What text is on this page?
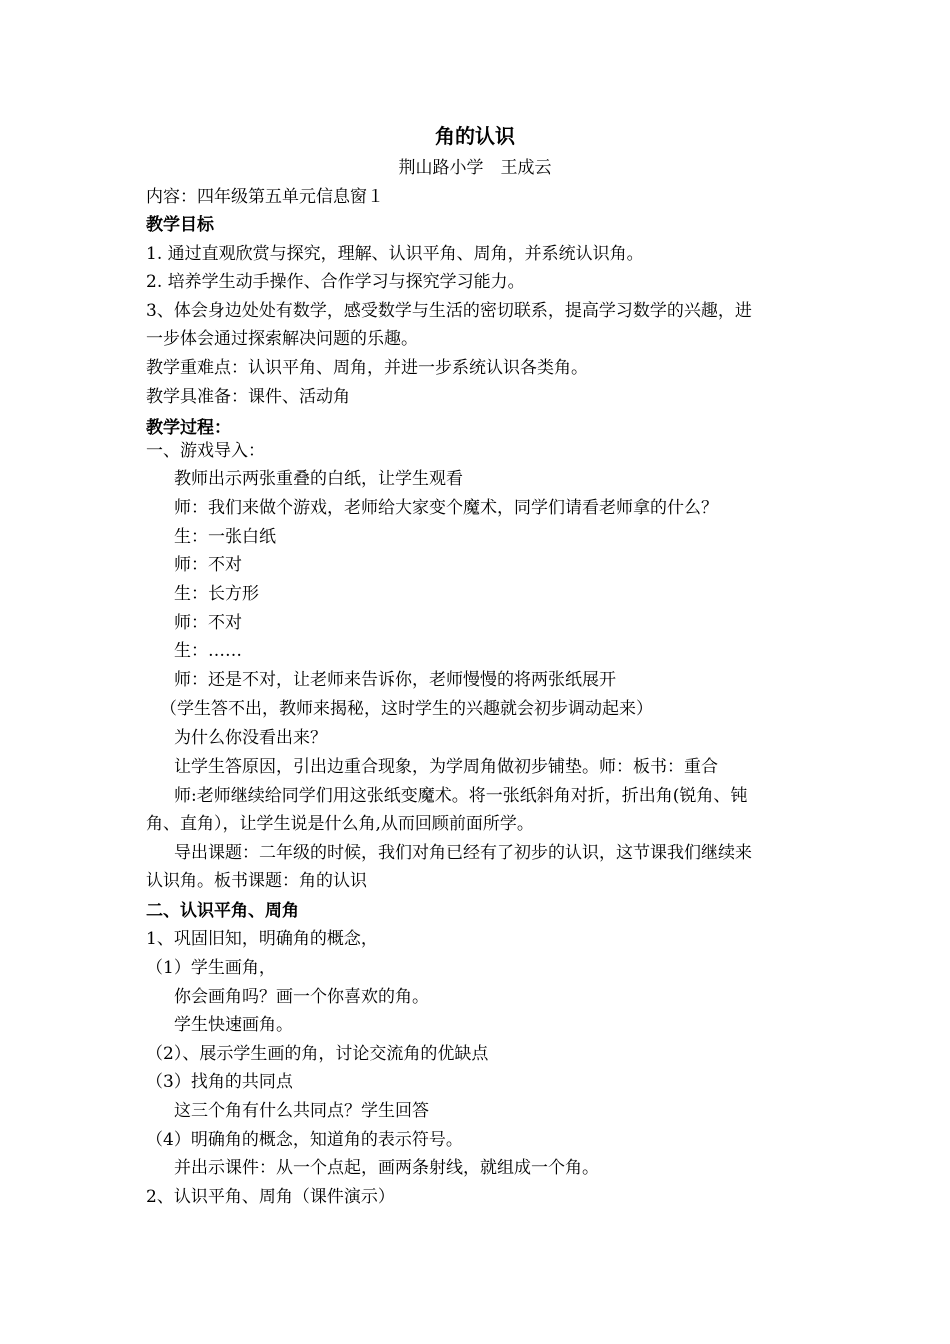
角的认识
荆山路小学　王成云
内容：四年级第五单元信息窗１
教学目标
1. 通过直观欣赏与探究，理解、认识平角、周角，并系统认识角。
2. 培养学生动手操作、合作学习与探究学习能力。
3、体会身边处处有数学，感受数学与生活的密切联系，提高学习数学的兴趣，进
一步体会通过探索解决问题的乐趣。
教学重难点：认识平角、周角，并进一步系统认识各类角。
教学具准备：课件、活动角
教学过程：
一、游戏导入：
教师出示两张重叠的白纸，让学生观看
师：我们来做个游戏，老师给大家变个魔术，同学们请看老师拿的什么？
生：一张白纸
师：不对
生：长方形
师：不对
生：……
师：还是不对，让老师来告诉你，老师慢慢的将两张纸展开
（学生答不出，教师来揭秘，这时学生的兴趣就会初步调动起来）
为什么你没看出来？
让学生答原因，引出边重合现象，为学周角做初步铺垫。师：板书：重合
师:老师继续给同学们用这张纸变魔术。将一张纸斜角对折，折出角(锐角、钝
角、直角），让学生说是什么角,从而回顾前面所学。
导出课题：二年级的时候，我们对角已经有了初步的认识，这节课我们继续来
认识角。板书课题：角的认识
二、认识平角、周角
1、巩固旧知，明确角的概念，
（1）学生画角，
你会画角吗？画一个你喜欢的角。
学生快速画角。
（2）、展示学生画的角，讨论交流角的优缺点
（3）找角的共同点
这三个角有什么共同点？学生回答
（4）明确角的概念，知道角的表示符号。
并出示课件：从一个点起，画两条射线，就组成一个角。
2、认识平角、周角（课件演示）
